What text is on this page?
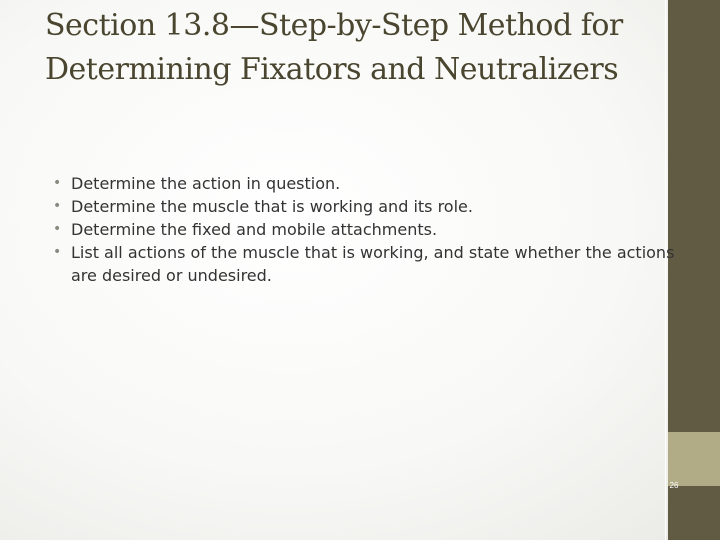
Section 13.8—Step-by-Step Method for Determining Fixators and Neutralizers
• Determine the action in question.
• Determine the muscle that is working and its role.
• Determine the fixed and mobile attachments.
• List all actions of the muscle that is working, and state whether the actions are desired or undesired.
26
